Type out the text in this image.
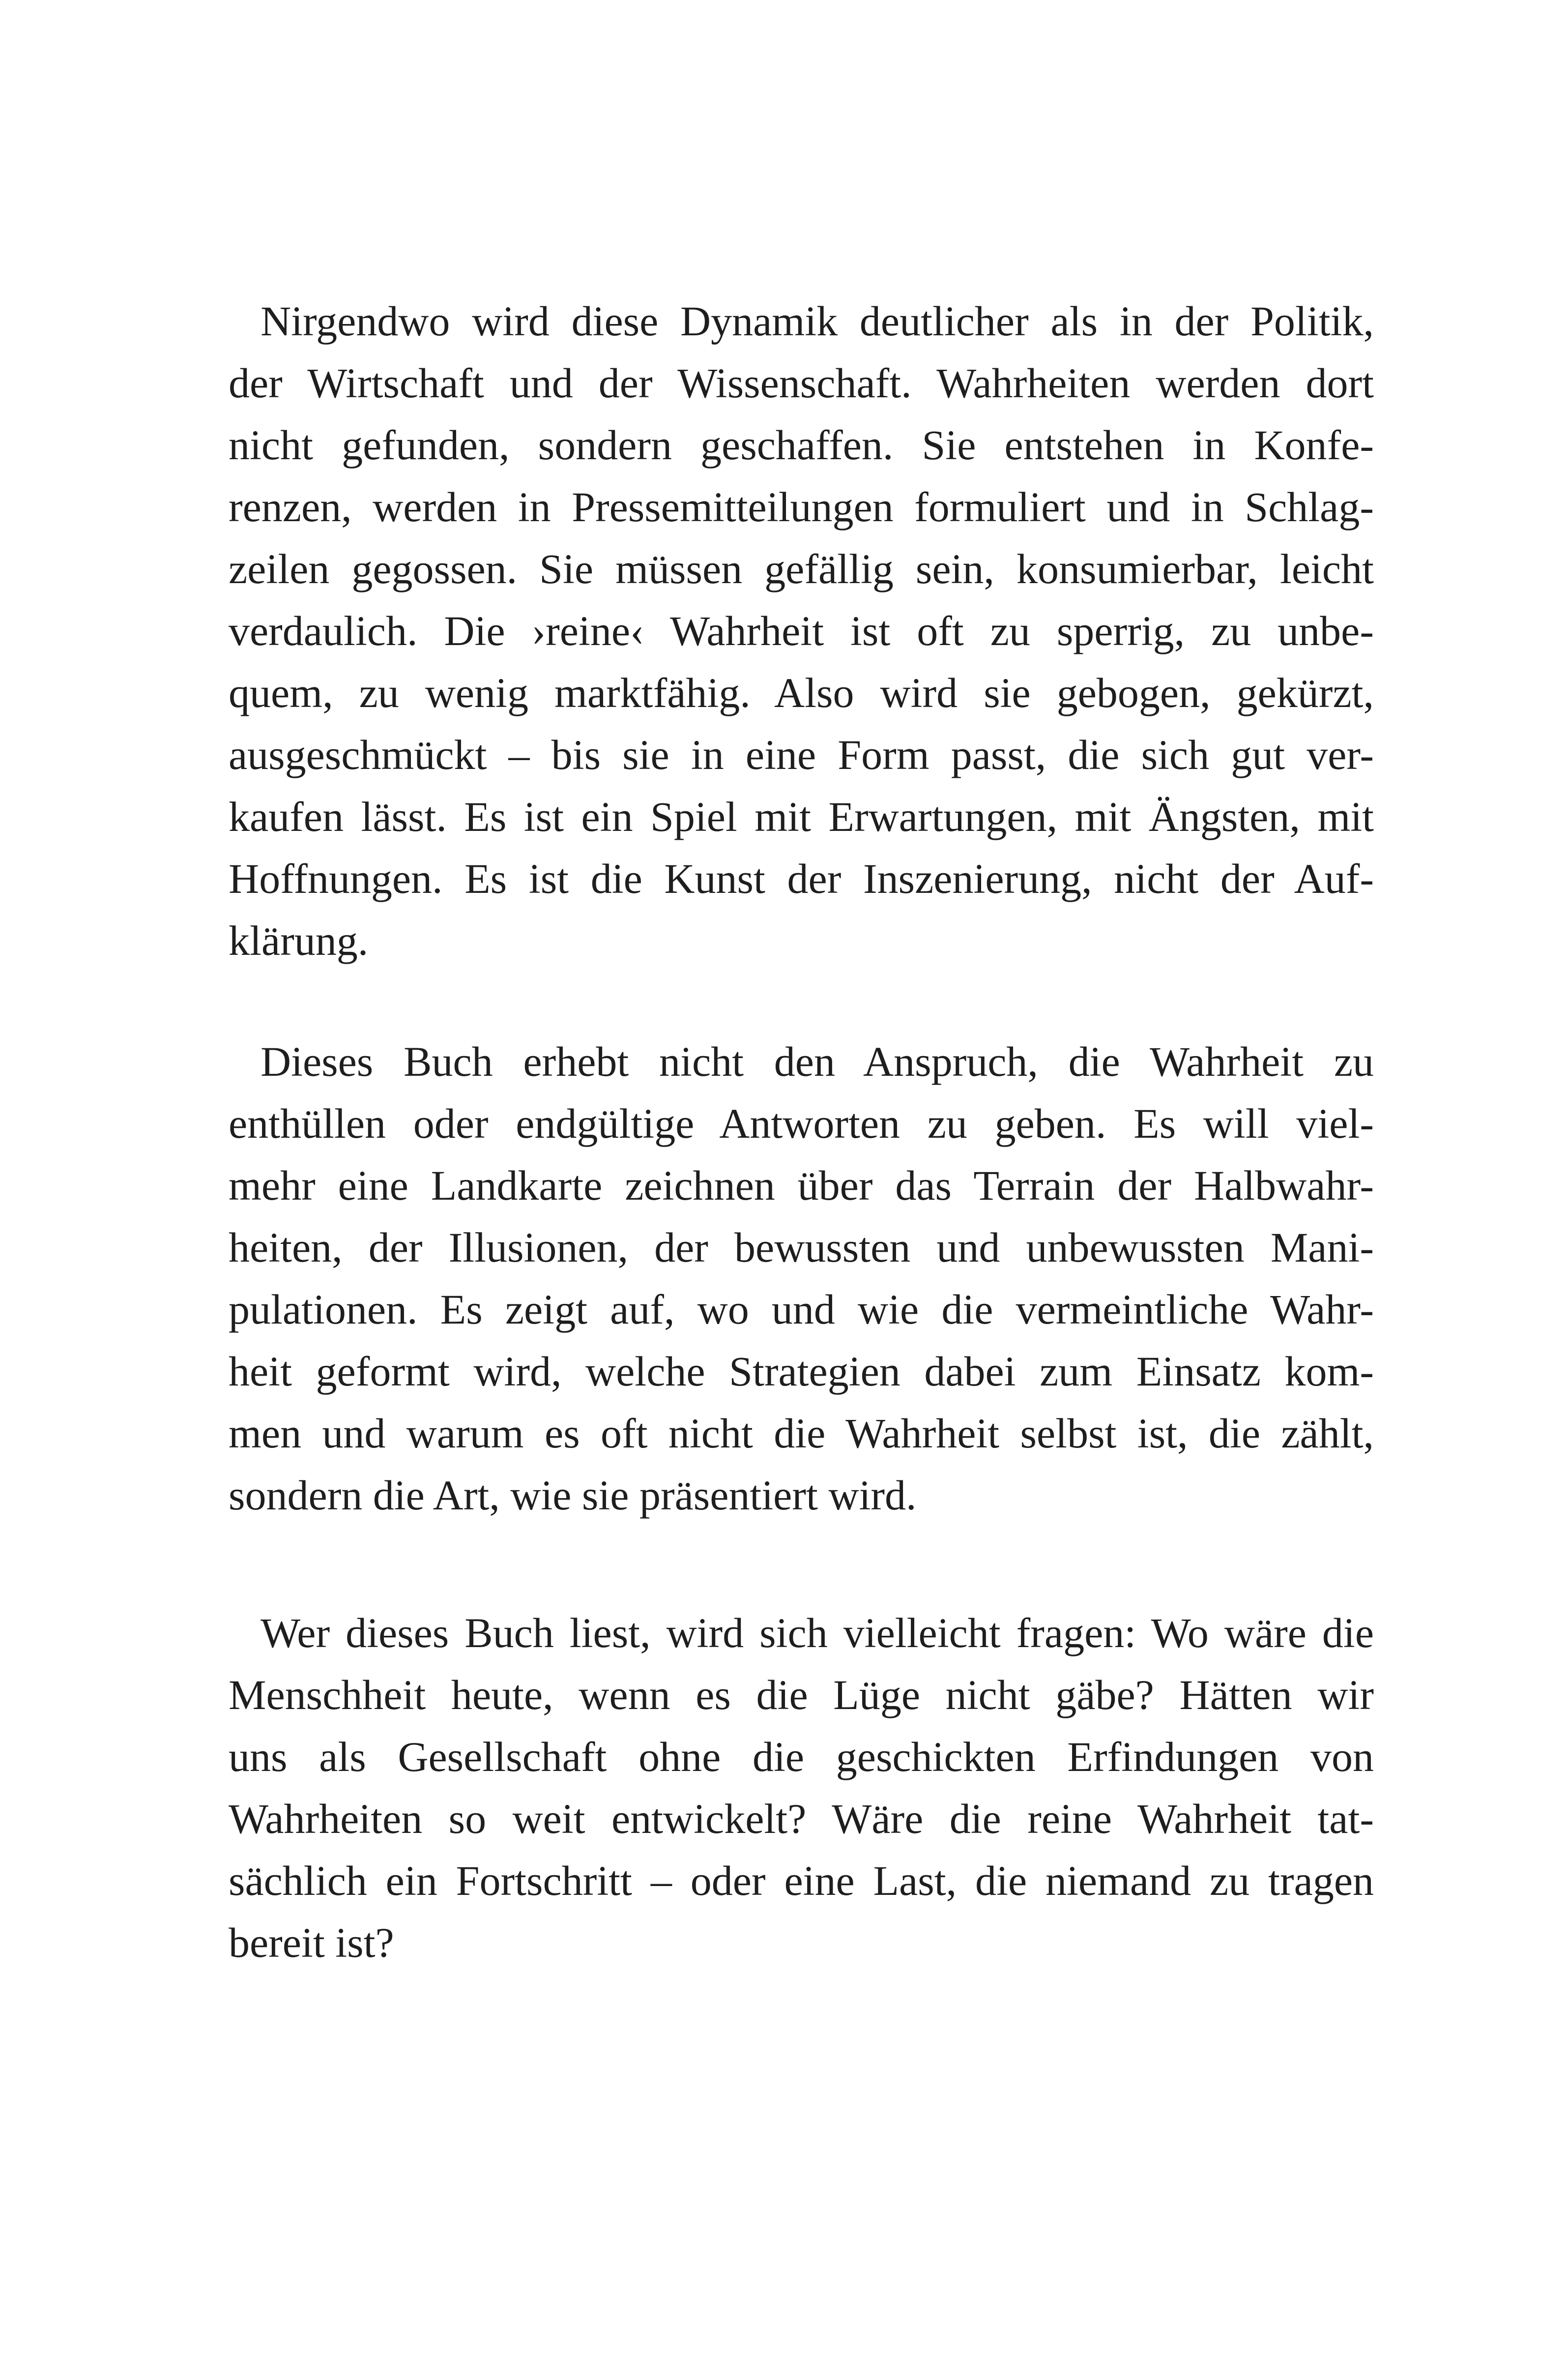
Nirgendwo wird diese Dynamik deutlicher als in der Politik,
der Wirtschaft und der Wissenschaft. Wahrheiten werden dort
nicht gefunden, sondern geschaffen. Sie entstehen in Konfe-
renzen, werden in Pressemitteilungen formuliert und in Schlag-
zeilen gegossen. Sie müssen gefällig sein, konsumierbar, leicht
verdaulich. Die ›reine‹ Wahrheit ist oft zu sperrig, zu unbe-
quem, zu wenig marktfähig. Also wird sie gebogen, gekürzt,
ausgeschmückt – bis sie in eine Form passt, die sich gut ver-
kaufen lässt. Es ist ein Spiel mit Erwartungen, mit Ängsten, mit
Hoffnungen. Es ist die Kunst der Inszenierung, nicht der Auf-
klärung.
Dieses Buch erhebt nicht den Anspruch, die Wahrheit zu
enthüllen oder endgültige Antworten zu geben. Es will viel-
mehr eine Landkarte zeichnen über das Terrain der Halbwahr-
heiten, der Illusionen, der bewussten und unbewussten Mani-
pulationen. Es zeigt auf, wo und wie die vermeintliche Wahr-
heit geformt wird, welche Strategien dabei zum Einsatz kom-
men und warum es oft nicht die Wahrheit selbst ist, die zählt,
sondern die Art, wie sie präsentiert wird.
Wer dieses Buch liest, wird sich vielleicht fragen: Wo wäre die
Menschheit heute, wenn es die Lüge nicht gäbe? Hätten wir
uns als Gesellschaft ohne die geschickten Erfindungen von
Wahrheiten so weit entwickelt? Wäre die reine Wahrheit tat-
sächlich ein Fortschritt – oder eine Last, die niemand zu tragen
bereit ist?
